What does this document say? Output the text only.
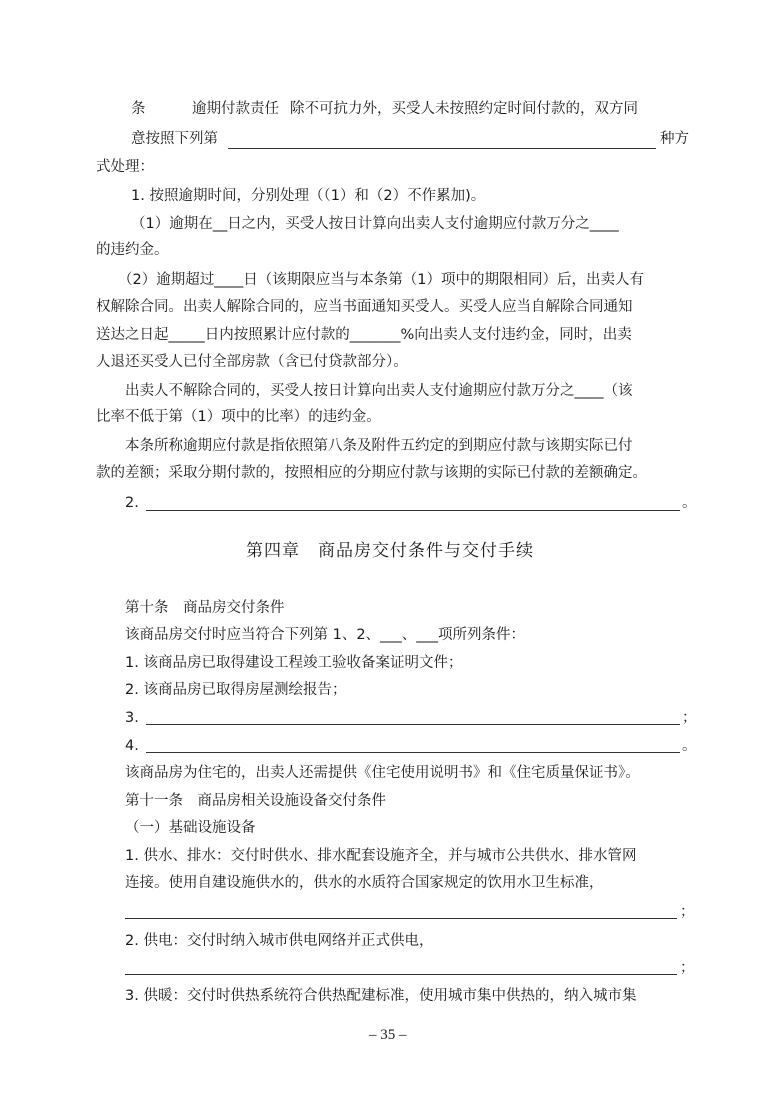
条	逾期付款责任 除不可抗力外，买受人未按照约定时间付款的，双方同
意按照下列第	种方
式处理：
1. 按照逾期时间，分别处理（（1）和（2）不作累加)。
（1）逾期在__日之内，买受人按日计算向出卖人支付逾期应付款万分之____
的违约金。
（2）逾期超过____日（该期限应当与本条第（1）项中的期限相同）后，出卖人有
权解除合同。出卖人解除合同的，应当书面通知买受人。买受人应当自解除合同通知
送达之日起_____日内按照累计应付款的_______%向出卖人支付违约金，同时，出卖
人退还买受人已付全部房款（含已付贷款部分）。
出卖人不解除合同的，买受人按日计算向出卖人支付逾期应付款万分之____（该
比率不低于第（1）项中的比率）的违约金。
本条所称逾期应付款是指依照第八条及附件五约定的到期应付款与该期实际已付
款的差额；采取分期付款的，按照相应的分期应付款与该期的实际已付款的差额确定。
2.	。
第四章　商品房交付条件与交付手续
第十条　商品房交付条件
该商品房交付时应当符合下列第 1、2、___、___项所列条件：
1. 该商品房已取得建设工程竣工验收备案证明文件；
2. 该商品房已取得房屋测绘报告；
3.	；
4.	。
该商品房为住宅的，出卖人还需提供《住宅使用说明书》和《住宅质量保证书》。
第十一条　商品房相关设施设备交付条件
（一）基础设施设备
1. 供水、排水：交付时供水、排水配套设施齐全，并与城市公共供水、排水管网
连接。使用自建设施供水的，供水的水质符合国家规定的饮用水卫生标准，
；
2. 供电：交付时纳入城市供电网络并正式供电，
；
3. 供暖：交付时供热系统符合供热配建标准，使用城市集中供热的，纳入城市集
– 35 –
